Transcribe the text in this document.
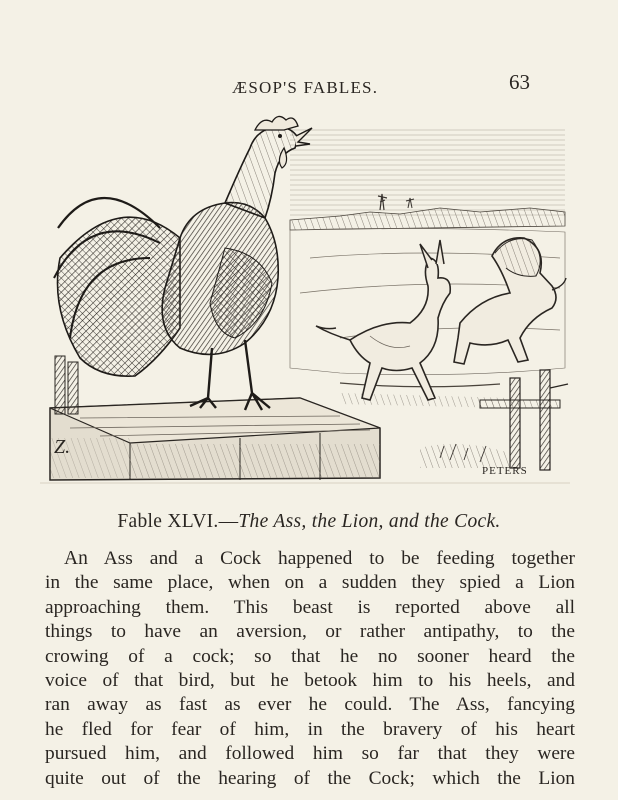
ÆSOP'S FABLES.	63
Z.
PETERS
Fable XLVI.—The Ass, the Lion, and the Cock.
An Ass and a Cock happened to be feeding together
in the same place, when on a sudden they spied a Lion
approaching them. This beast is reported above all
things to have an aversion, or rather antipathy, to the
crowing of a cock; so that he no sooner heard the
voice of that bird, but he betook him to his heels, and
ran away as fast as ever he could. The Ass, fancying
he fled for fear of him, in the bravery of his heart
pursued him, and followed him so far that they were
quite out of the hearing of the Cock; which the Lion
